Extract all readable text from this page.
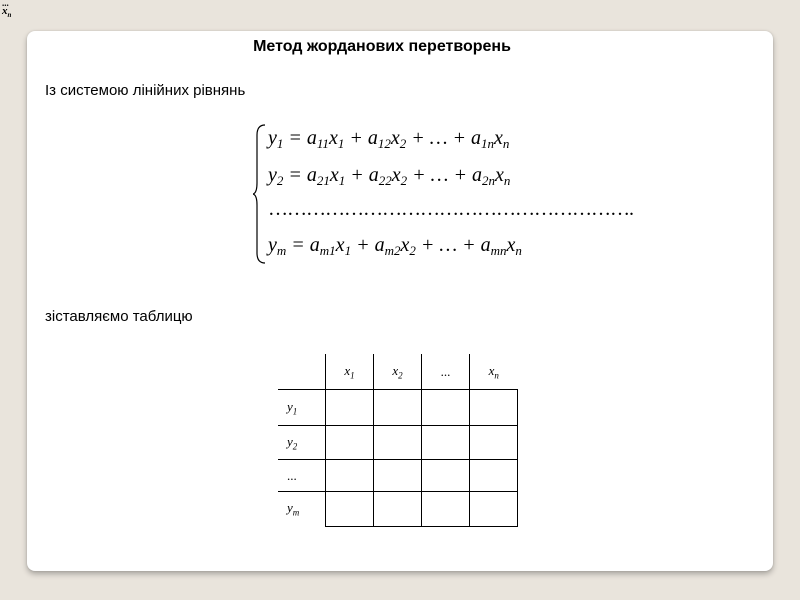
...
$x_n$
Метод жорданових перетворень
Із системою лінійних рівнянь
$y_1 = a_{11}x_1 + a_{12}x_2$ + … + $a_{1n}x_n$
$y_2 = a_{21}x_1 + a_{22}x_2$ + … + $a_{2n}x_n$
………………………………………………….
$y_m = a_{m1}x_1 + a_{m2}x_2$ + … + $a_{mn}x_n$
зіставляємо таблицю
	$x_1$	$x_2$	...	$x_n$
$y_1$				
$y_2$				
...				
$y_m$				
